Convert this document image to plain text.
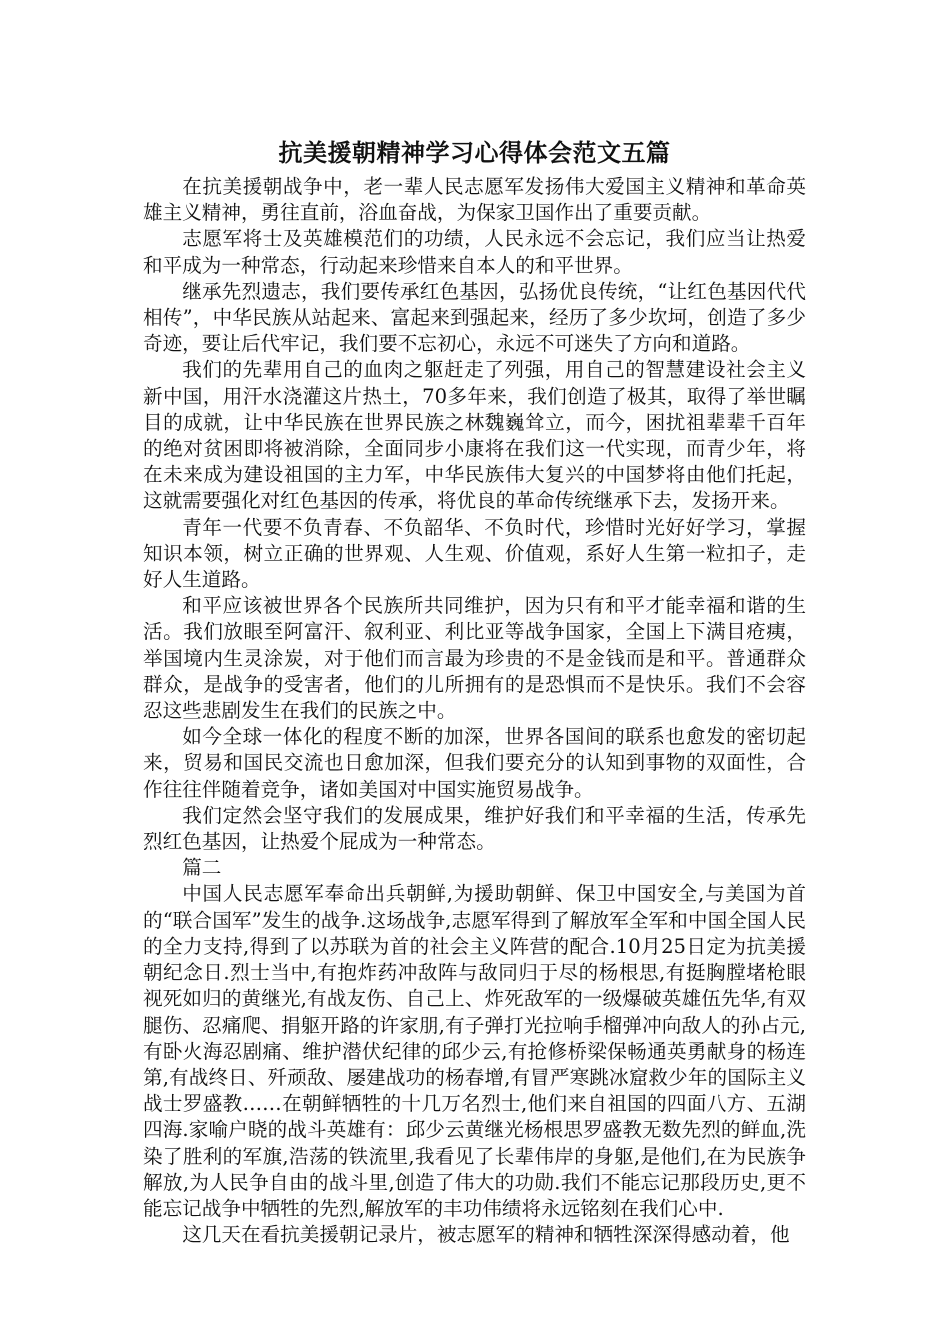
抗美援朝精神学习心得体会范文五篇

在抗美援朝战争中，老一辈人民志愿军发扬伟大爱国主义精神和革命英雄主义精神，勇往直前，浴血奋战，为保家卫国作出了重要贡献。

志愿军将士及英雄模范们的功绩，人民永远不会忘记，我们应当让热爱和平成为一种常态，行动起来珍惜来自本人的和平世界。

继承先烈遗志，我们要传承红色基因，弘扬优良传统，“让红色基因代代相传”，中华民族从站起来、富起来到强起来，经历了多少坎坷，创造了多少奇迹，要让后代牢记，我们要不忘初心，永远不可迷失了方向和道路。

我们的先辈用自己的血肉之躯赶走了列强，用自己的智慧建设社会主义新中国，用汗水浇灌这片热土，70多年来，我们创造了极其，取得了举世瞩目的成就，让中华民族在世界民族之林魏巍耸立，而今，困扰祖辈辈千百年的绝对贫困即将被消除，全面同步小康将在我们这一代实现，而青少年，将在未来成为建设祖国的主力军，中华民族伟大复兴的中国梦将由他们托起，这就需要强化对红色基因的传承，将优良的革命传统继承下去，发扬开来。

青年一代要不负青春、不负韶华、不负时代，珍惜时光好好学习，掌握知识本领，树立正确的世界观、人生观、价值观，系好人生第一粒扣子，走好人生道路。

和平应该被世界各个民族所共同维护，因为只有和平才能幸福和谐的生活。我们放眼至阿富汗、叙利亚、利比亚等战争国家，全国上下满目疮痍，举国境内生灵涂炭，对于他们而言最为珍贵的不是金钱而是和平。普通群众群众，是战争的受害者，他们的儿所拥有的是恐惧而不是快乐。我们不会容忍这些悲剧发生在我们的民族之中。

如今全球一体化的程度不断的加深，世界各国间的联系也愈发的密切起来，贸易和国民交流也日愈加深，但我们要充分的认知到事物的双面性，合作往往伴随着竞争，诸如美国对中国实施贸易战争。

我们定然会坚守我们的发展成果，维护好我们和平幸福的生活，传承先烈红色基因，让热爱个屁成为一种常态。

篇二

中国人民志愿军奉命出兵朝鲜,为援助朝鲜、保卫中国安全,与美国为首的“联合国军”发生的战争.这场战争,志愿军得到了解放军全军和中国全国人民的全力支持,得到了以苏联为首的社会主义阵营的配合.10月25日定为抗美援朝纪念日.烈士当中,有抱炸药冲敌阵与敌同归于尽的杨根思,有挺胸膛堵枪眼视死如归的黄继光,有战友伤、自己上、炸死敌军的一级爆破英雄伍先华,有双腿伤、忍痛爬、捐躯开路的许家朋,有子弹打光拉响手榴弹冲向敌人的孙占元,有卧火海忍剧痛、维护潜伏纪律的邱少云,有抢修桥梁保畅通英勇献身的杨连第,有战终日、歼顽敌、屡建战功的杨春增,有冒严寒跳冰窟救少年的国际主义战士罗盛教……在朝鲜牺牲的十几万名烈士,他们来自祖国的四面八方、五湖四海.家喻户晓的战斗英雄有：邱少云黄继光杨根思罗盛教无数先烈的鲜血,洗染了胜利的军旗,浩荡的铁流里,我看见了长辈伟岸的身躯,是他们,在为民族争解放,为人民争自由的战斗里,创造了伟大的功勋.我们不能忘记那段历史,更不能忘记战争中牺牲的先烈,解放军的丰功伟绩将永远铭刻在我们心中.

这几天在看抗美援朝记录片，被志愿军的精神和牺牲深深得感动着，他
